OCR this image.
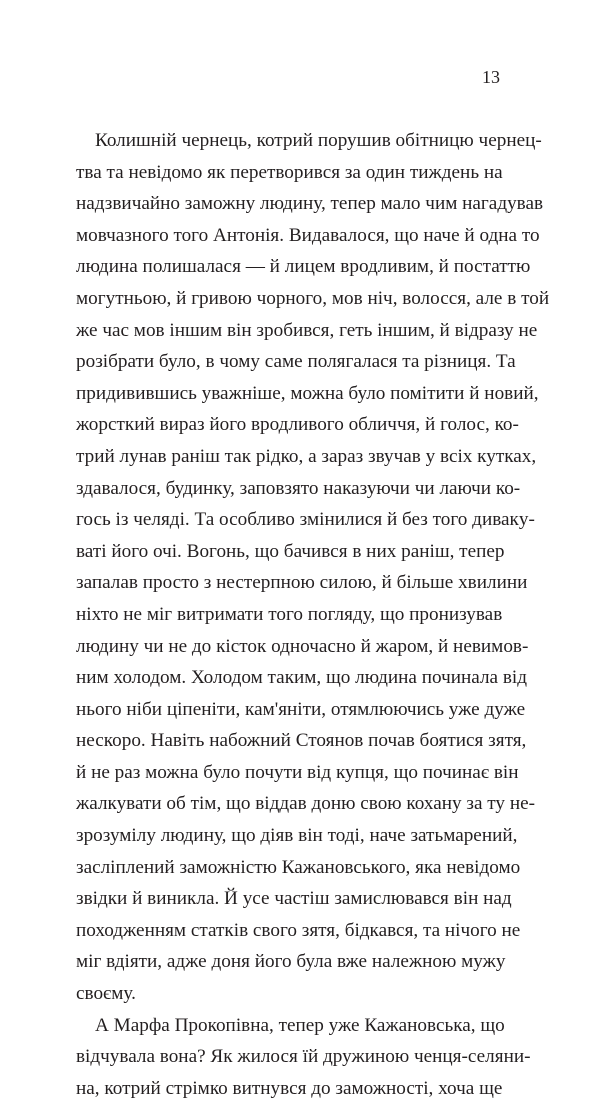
13
Колишній чернець, котрий порушив обітницю чернец-
тва та невідомо як перетворився за один тиждень на
надзвичайно заможну людину, тепер мало чим нагадував
мовчазного того Антонія. Видавалося, що наче й одна то
людина полишалася — й лицем вродливим, й постаттю
могутньою, й гривою чорного, мов ніч, волосся, але в той
же час мов іншим він зробився, геть іншим, й відразу не
розібрати було, в чому саме полягалася та різниця. Та
придивившись уважніше, можна було помітити й новий,
жорсткий вираз його вродливого обличчя, й голос, ко-
трий лунав раніш так рідко, а зараз звучав у всіх кутках,
здавалося, будинку, заповзято наказуючи чи лаючи ко-
гось із челяді. Та особливо змінилися й без того дивакy-
ваті його очі. Вогонь, що бачився в них раніш, тепер
запалав просто з нестерпною силою, й більше хвилини
ніхто не міг витримати того погляду, що пронизував
людину чи не до кісток одночасно й жаром, й невимов-
ним холодом. Холодом таким, що людина починала від
нього ніби ціпеніти, кам'яніти, отямлюючись уже дуже
нескоро. Навіть набожний Стоянов почав боятися зятя,
й не раз можна було почути від купця, що починає він
жалкувати об тім, що віддав доню свою кохану за ту не-
зрозумілу людину, що діяв він тоді, наче затьмарений,
засліплений заможністю Кажановського, яка невідомо
звідки й виникла. Й усе частіш замислювався він над
походженням статків свого зятя, бідкався, та нічого не
міг вдіяти, адже доня його була вже належною мужу
своєму.
А Марфа Прокопівна, тепер уже Кажановська, що
відчувала вона? Як жилося їй дружиною ченця-селяни-
на, котрий стрімко витнувся до заможності, хоча ще
